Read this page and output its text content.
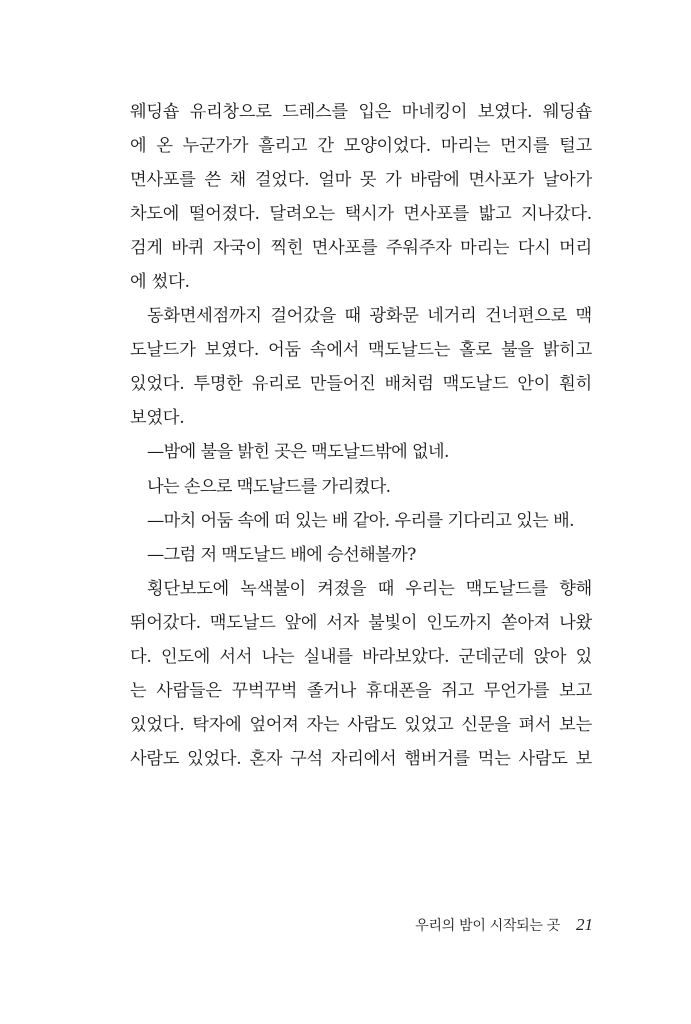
웨딩숍 유리창으로 드레스를 입은 마네킹이 보였다. 웨딩숍
에 온 누군가가 흘리고 간 모양이었다. 마리는 먼지를 털고
면사포를 쓴 채 걸었다. 얼마 못 가 바람에 면사포가 날아가
차도에 떨어졌다. 달려오는 택시가 면사포를 밟고 지나갔다.
검게 바퀴 자국이 찍힌 면사포를 주워주자 마리는 다시 머리
에 썼다.
동화면세점까지 걸어갔을 때 광화문 네거리 건너편으로 맥
도날드가 보였다. 어둠 속에서 맥도날드는 홀로 불을 밝히고
있었다. 투명한 유리로 만들어진 배처럼 맥도날드 안이 훤히
보였다.
—밤에 불을 밝힌 곳은 맥도날드밖에 없네.
나는 손으로 맥도날드를 가리켰다.
—마치 어둠 속에 떠 있는 배 같아. 우리를 기다리고 있는 배.
—그럼 저 맥도날드 배에 승선해볼까?
횡단보도에 녹색불이 켜졌을 때 우리는 맥도날드를 향해
뛰어갔다. 맥도날드 앞에 서자 불빛이 인도까지 쏟아져 나왔
다. 인도에 서서 나는 실내를 바라보았다. 군데군데 앉아 있
는 사람들은 꾸벅꾸벅 졸거나 휴대폰을 쥐고 무언가를 보고
있었다. 탁자에 엎어져 자는 사람도 있었고 신문을 펴서 보는
사람도 있었다. 혼자 구석 자리에서 햄버거를 먹는 사람도 보
우리의 밤이 시작되는 곳 21
